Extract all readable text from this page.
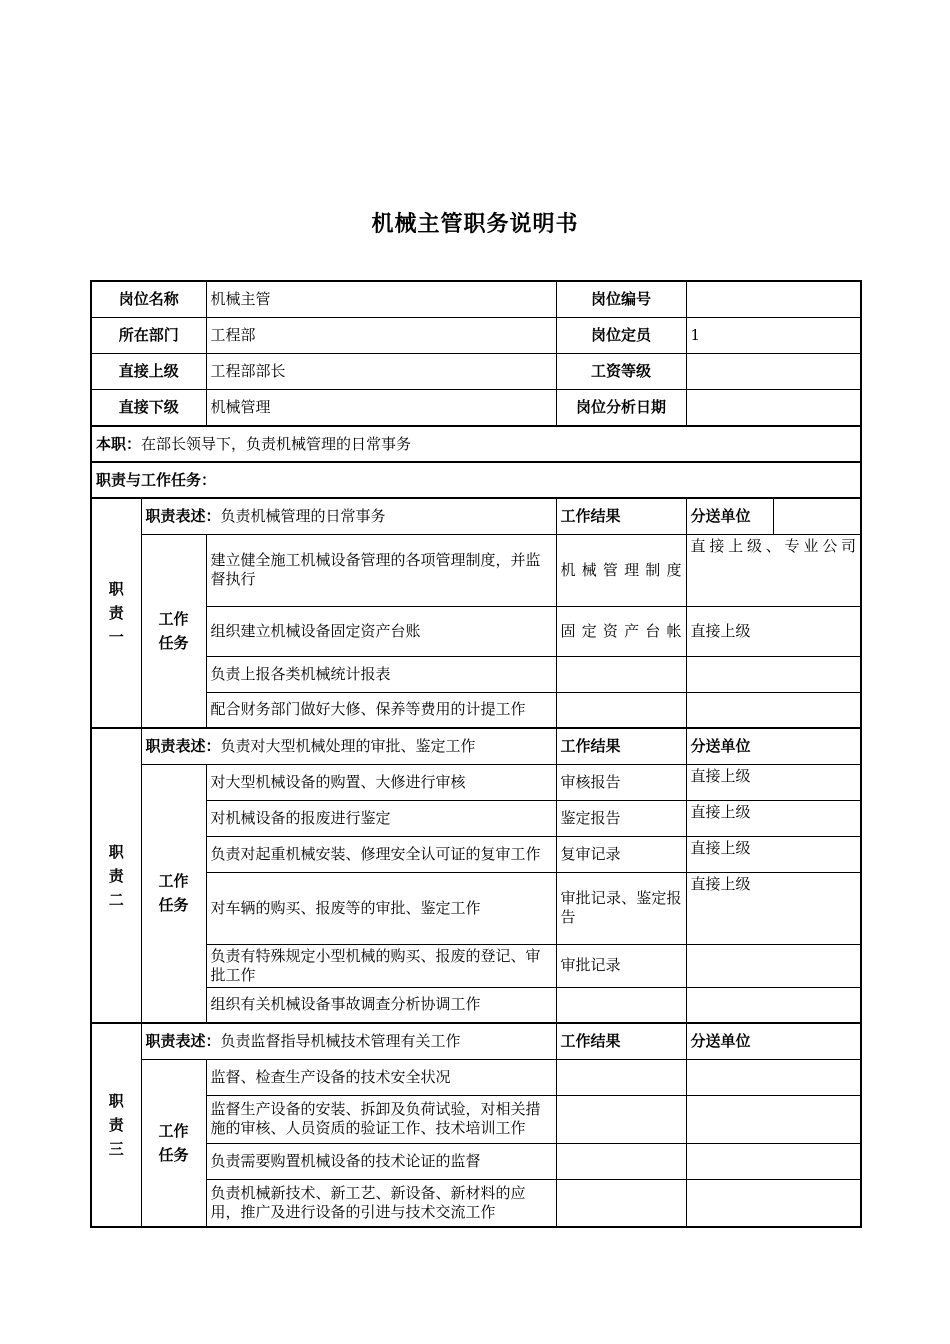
机械主管职务说明书
岗位名称		机械主管	岗位编号	
所在部门		工程部	岗位定员	1
直接上级		工程部部长	工资等级	
直接下级		机械管理	岗位分析日期	
本职：在部长领导下，负责机械管理的日常事务				
职责与工作任务：				

职
责
一	职责表述：负责机械管理的日常事务		工作结果	分送单位

	工作
任务	建立健全施工机械设备管理的各项管理制度，并监督执行	机械管理制度	直接上级、专业公司
		组织建立机械设备固定资产台账	固定资产台帐	直接上级
		负责上报各类机械统计报表		
		配合财务部门做好大修、保养等费用的计提工作		

职
责
二	职责表述：负责对大型机械处理的审批、鉴定工作		工作结果	分送单位

	工作
任务	对大型机械设备的购置、大修进行审核	审核报告	直接上级
		对机械设备的报废进行鉴定	鉴定报告	直接上级
		负责对起重机械安装、修理安全认可证的复审工作	复审记录	直接上级
		对车辆的购买、报废等的审批、鉴定工作	审批记录、鉴定报告	直接上级
		负责有特殊规定小型机械的购买、报废的登记、审批工作	审批记录	
		组织有关机械设备事故调查分析协调工作		

职
责
三	职责表述：负责监督指导机械技术管理有关工作		工作结果	分送单位

	工作
任务	监督、检查生产设备的技术安全状况		
		监督生产设备的安装、拆卸及负荷试验，对相关措施的审核、人员资质的验证工作、技术培训工作		
		负责需要购置机械设备的技术论证的监督		
		负责机械新技术、新工艺、新设备、新材料的应用，推广及进行设备的引进与技术交流工作		
